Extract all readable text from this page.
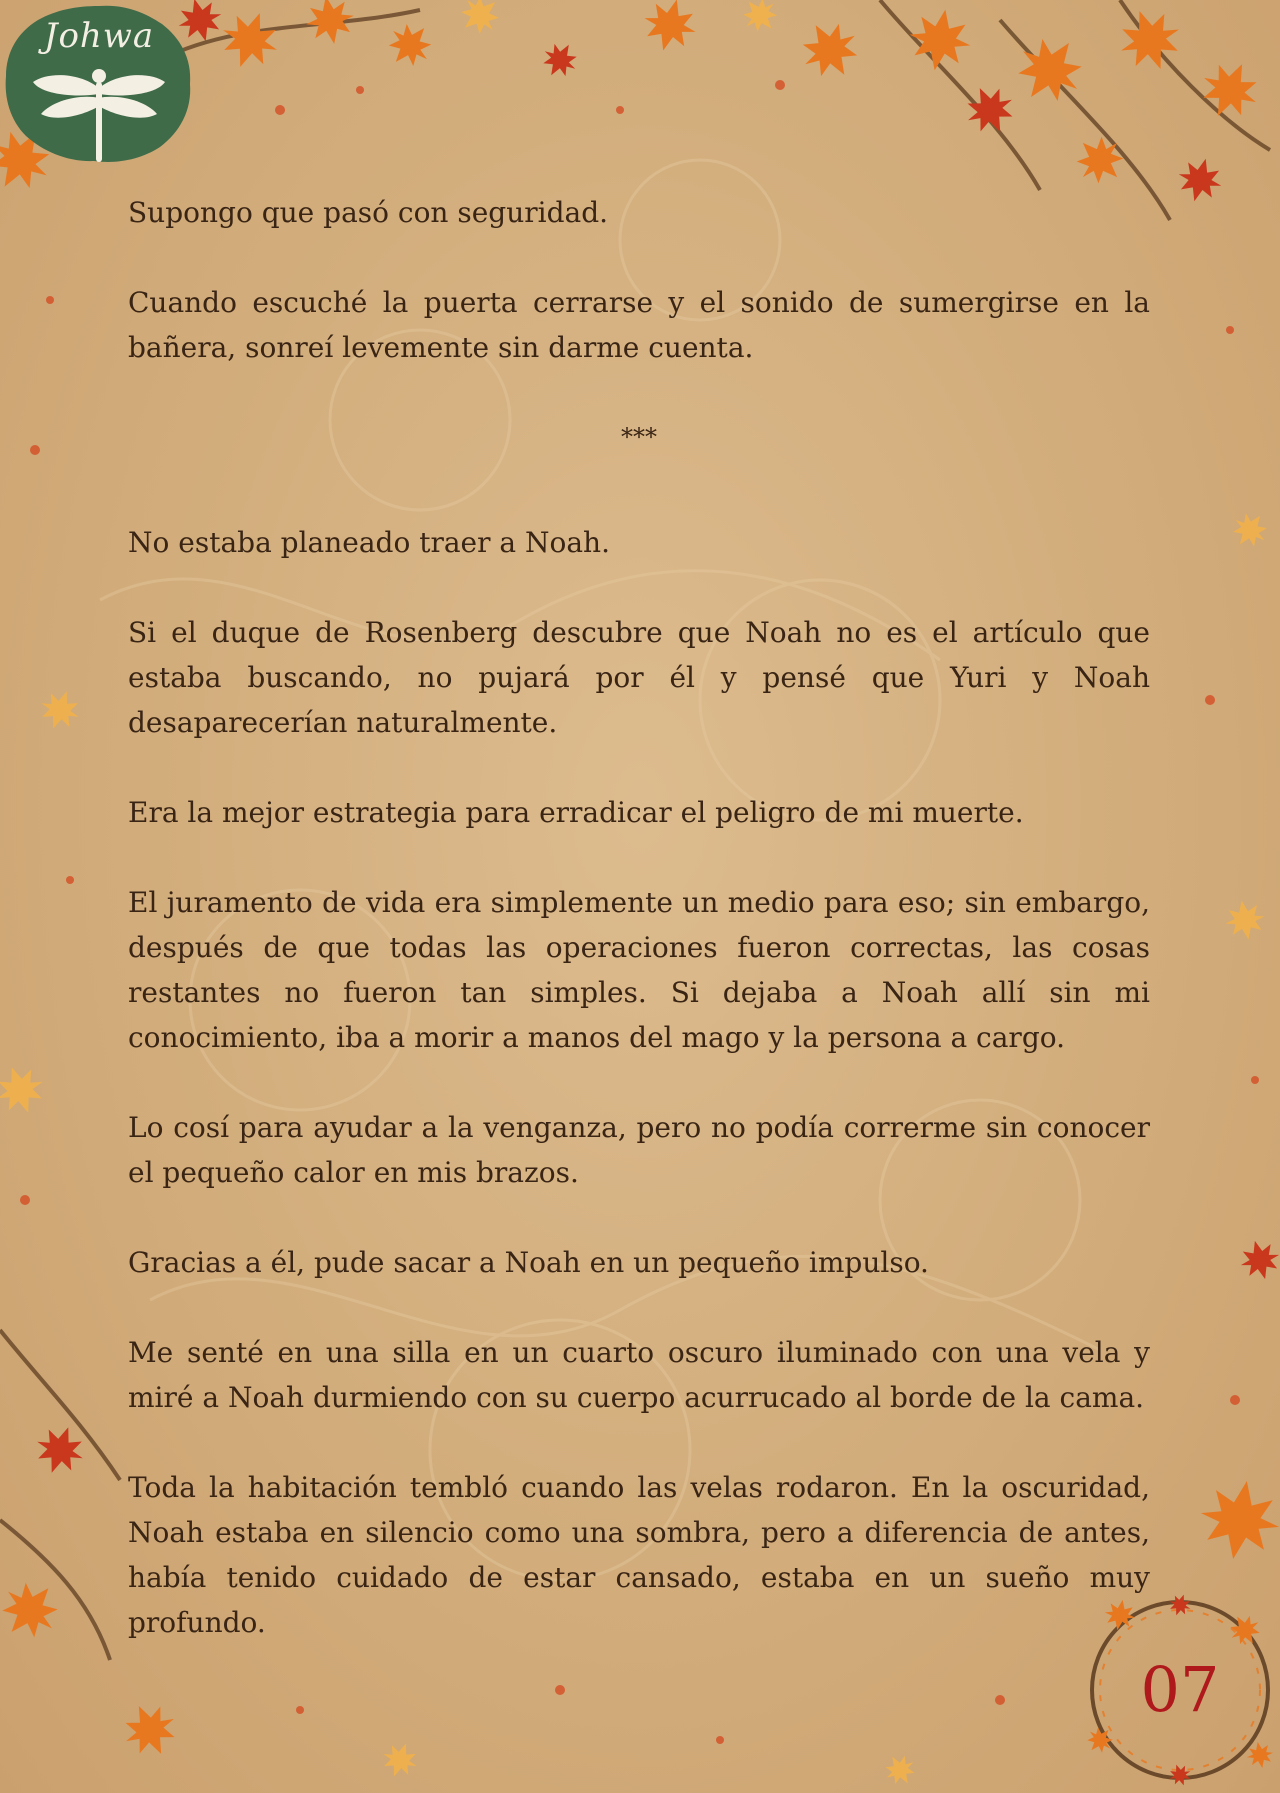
Johwa

Supongo que pasó con seguridad.

Cuando escuché la puerta cerrarse y el sonido de sumergirse en la bañera, sonreí levemente sin darme cuenta.

***

No estaba planeado traer a Noah.

Si el duque de Rosenberg descubre que Noah no es el artículo que estaba buscando, no pujará por él y pensé que Yuri y Noah desaparecerían naturalmente.

Era la mejor estrategia para erradicar el peligro de mi muerte.

El juramento de vida era simplemente un medio para eso; sin embargo, después de que todas las operaciones fueron correctas, las cosas restantes no fueron tan simples. Si dejaba a Noah allí sin mi conocimiento, iba a morir a manos del mago y la persona a cargo.

Lo cosí para ayudar a la venganza, pero no podía correrme sin conocer el pequeño calor en mis brazos.

Gracias a él, pude sacar a Noah en un pequeño impulso.

Me senté en una silla en un cuarto oscuro iluminado con una vela y miré a Noah durmiendo con su cuerpo acurrucado al borde de la cama.

Toda la habitación tembló cuando las velas rodaron. En la oscuridad, Noah estaba en silencio como una sombra, pero a diferencia de antes, había tenido cuidado de estar cansado, estaba en un sueño muy profundo.

07
